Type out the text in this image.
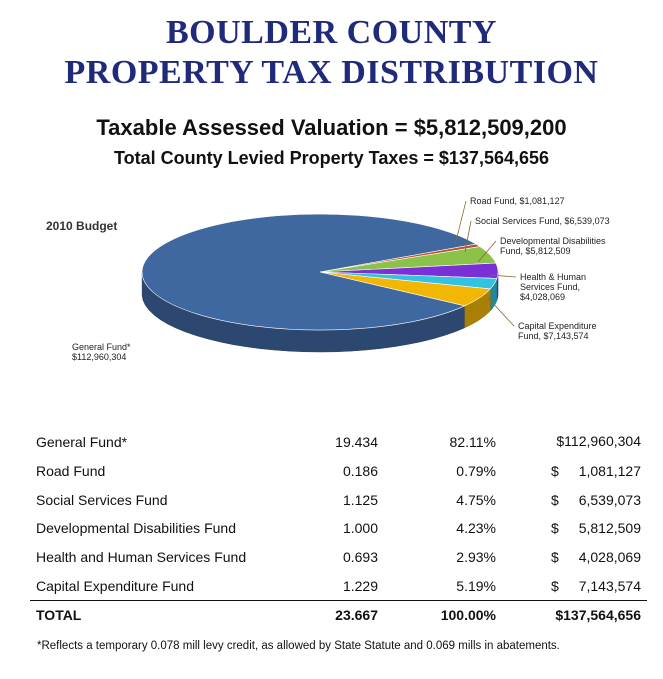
BOULDER COUNTY
PROPERTY TAX DISTRIBUTION
Taxable Assessed Valuation = $5,812,509,200
Total County Levied Property Taxes = $137,564,656
2010 Budget
Road Fund, $1,081,127
Social Services Fund, $6,539,073
Developmental Disabilities
Fund, $5,812,509
Health & Human
Services Fund,
$4,028,069
Capital Expenditure
Fund, $7,143,574
General Fund*
$112,960,304
General Fund*	19.434	82.11%	$112,960,304

Road Fund	0.186	0.79%	$ 1,081,127

Social Services Fund	1.125	4.75%	$ 6,539,073

Developmental Disabilities Fund	1.000	4.23%	$ 5,812,509

Health and Human Services Fund	0.693	2.93%	$ 4,028,069

Capital Expenditure Fund	1.229	5.19%	$ 7,143,574

TOTAL	23.667	100.00%	$137,564,656
*Reflects a temporary 0.078 mill levy credit, as allowed by State Statute and 0.069 mills in abatements.
